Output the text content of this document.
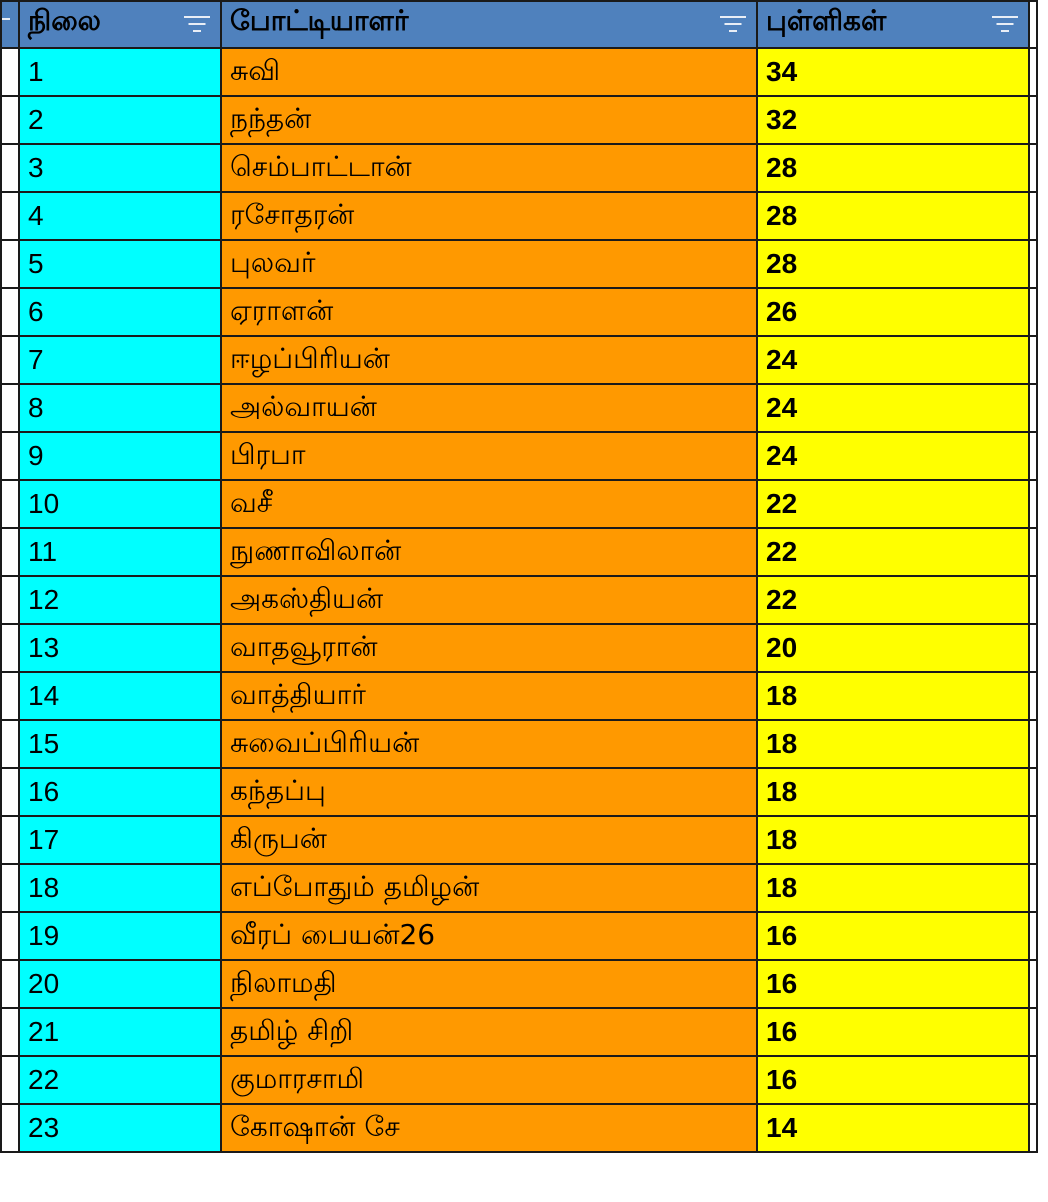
	நிலை	போட்டியாளர்	புள்ளிகள்	

	1	சுவி	34	
	2	நந்தன்	32	
	3	செம்பாட்டான்	28	
	4	ரசோதரன்	28	
	5	புலவர்	28	
	6	ஏராளன்	26	
	7	ஈழப்பிரியன்	24	
	8	அல்வாயன்	24	
	9	பிரபா	24	
	10	வசீ	22	
	11	நுணாவிலான்	22	
	12	அகஸ்தியன்	22	
	13	வாதவூரான்	20	
	14	வாத்தியார்	18	
	15	சுவைப்பிரியன்	18	
	16	கந்தப்பு	18	
	17	கிருபன்	18	
	18	எப்போதும் தமிழன்	18	
	19	வீரப் பையன்26	16	
	20	நிலாமதி	16	
	21	தமிழ் சிறி	16	
	22	குமாரசாமி	16	
	23	கோஷான் சே	14	
